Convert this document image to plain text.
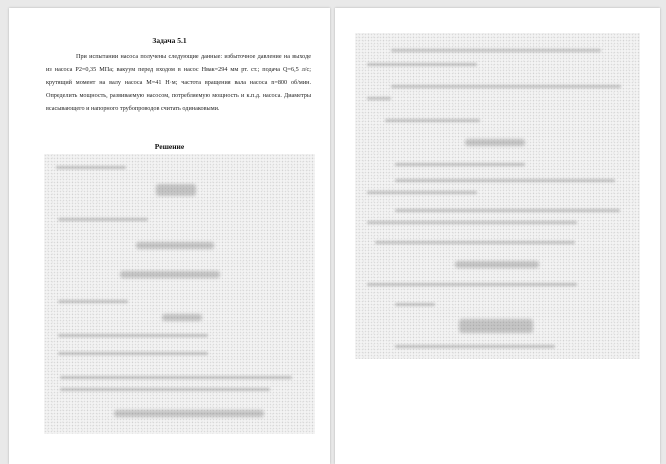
Задача 5.1

При испытании насоса получены следующие данные: избыточное давление на выходе из насоса P2=0,35 МПа; вакуум перед входом в насос Hвак=294 мм рт. ст.; подача Q=6,5 л/с; крутящий момент на валу насоса M=41 Н·м; частота вращения вала насоса n=800 об/мин. Определить мощность, развиваемую насосом, потребляемую мощность и к.п.д. насоса. Диаметры всасывающего и напорного трубопроводов считать одинаковыми.

Решение
